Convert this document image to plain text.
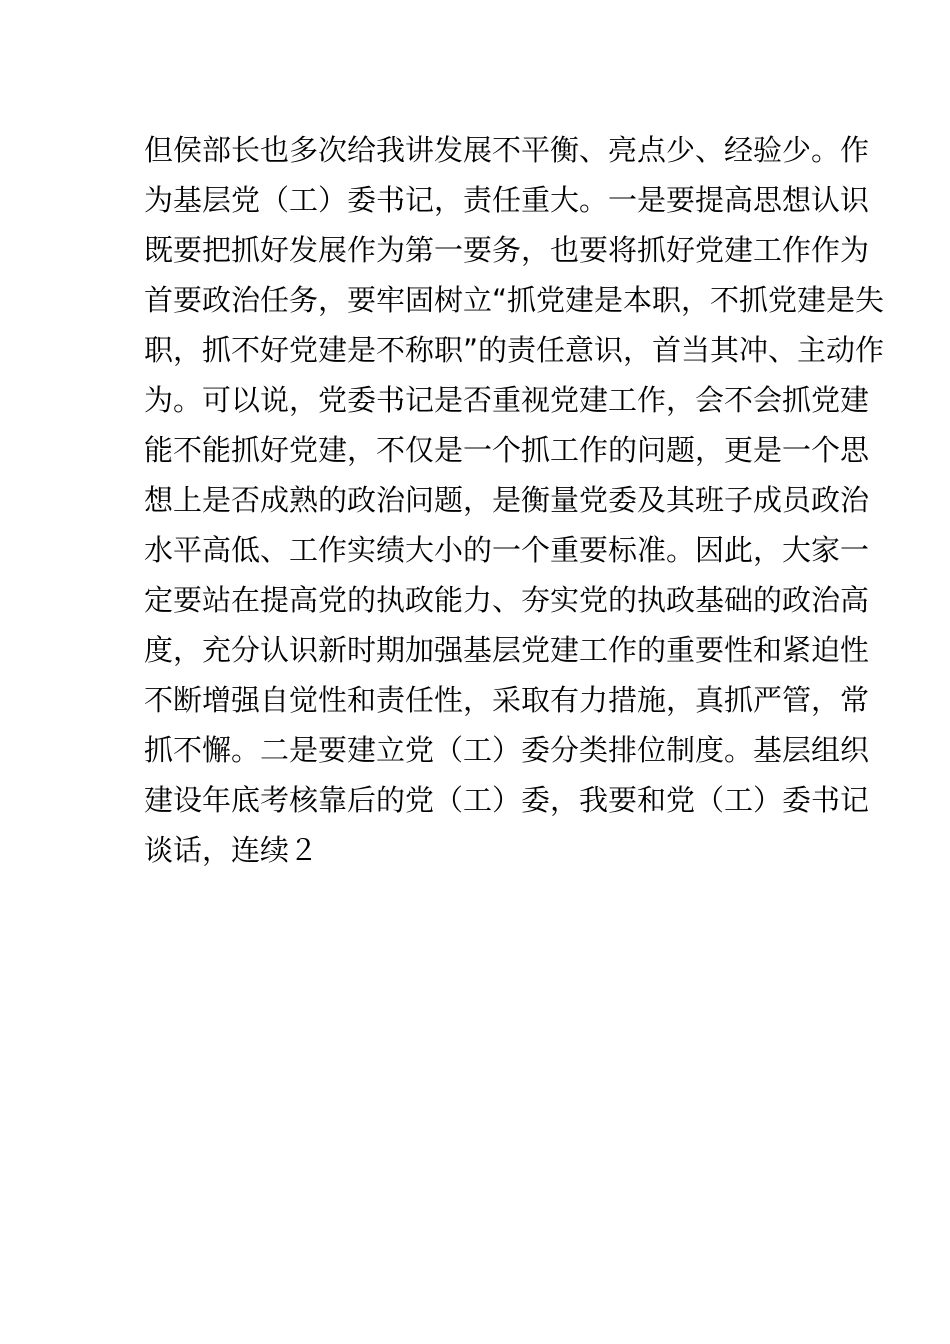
但侯部长也多次给我讲发展不平衡、亮点少、经验少。作
为基层党（工）委书记，责任重大。一是要提高思想认识
既要把抓好发展作为第一要务，也要将抓好党建工作作为
首要政治任务，要牢固树立“抓党建是本职，不抓党建是失
职，抓不好党建是不称职”的责任意识，首当其冲、主动作
为。可以说，党委书记是否重视党建工作，会不会抓党建
能不能抓好党建，不仅是一个抓工作的问题，更是一个思
想上是否成熟的政治问题，是衡量党委及其班子成员政治
水平高低、工作实绩大小的一个重要标准。因此，大家一
定要站在提高党的执政能力、夯实党的执政基础的政治高
度，充分认识新时期加强基层党建工作的重要性和紧迫性
不断增强自觉性和责任性，采取有力措施，真抓严管，常
抓不懈。二是要建立党（工）委分类排位制度。基层组织
建设年底考核靠后的党（工）委，我要和党（工）委书记
谈话，连续２
